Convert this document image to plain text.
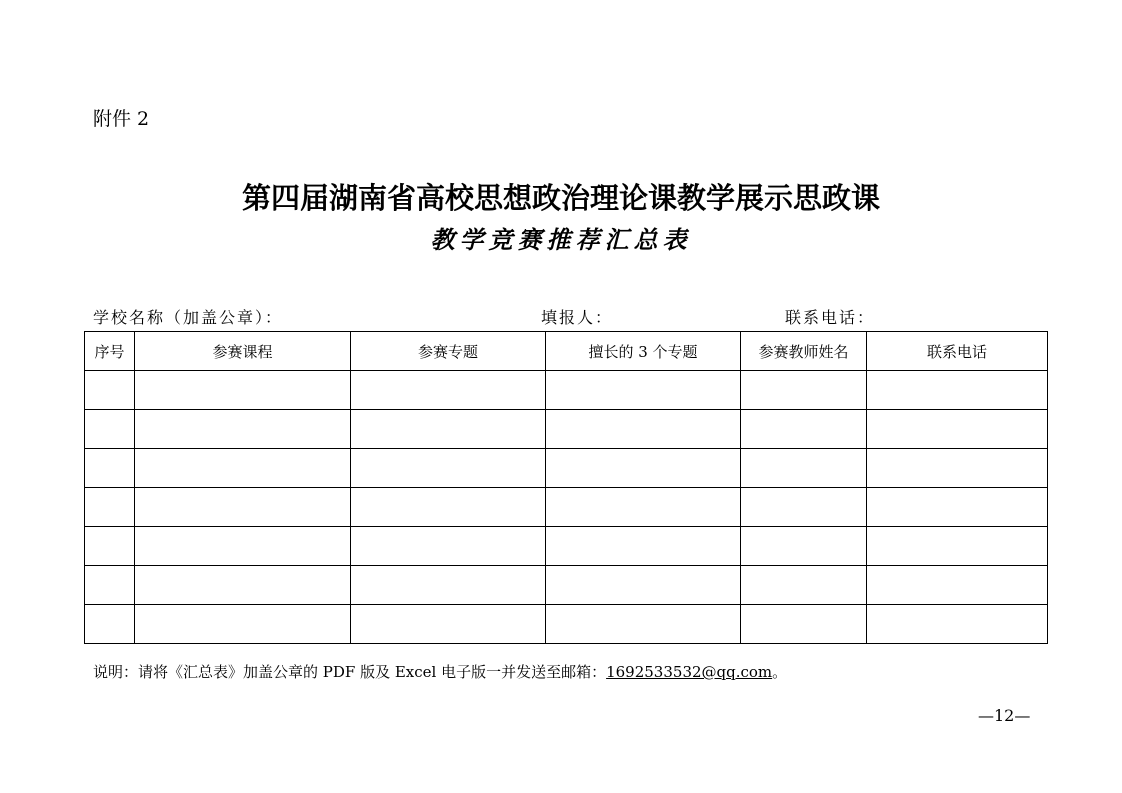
附件 2
第四届湖南省高校思想政治理论课教学展示思政课
教学竞赛推荐汇总表
学校名称（加盖公章）：	填报人：	联系电话：
序号	参赛课程	参赛专题	擅长的 3 个专题	参赛教师姓名	联系电话

说明：请将《汇总表》加盖公章的 PDF 版及 Excel 电子版一并发送至邮箱：1692533532@qq.com。
—12—
